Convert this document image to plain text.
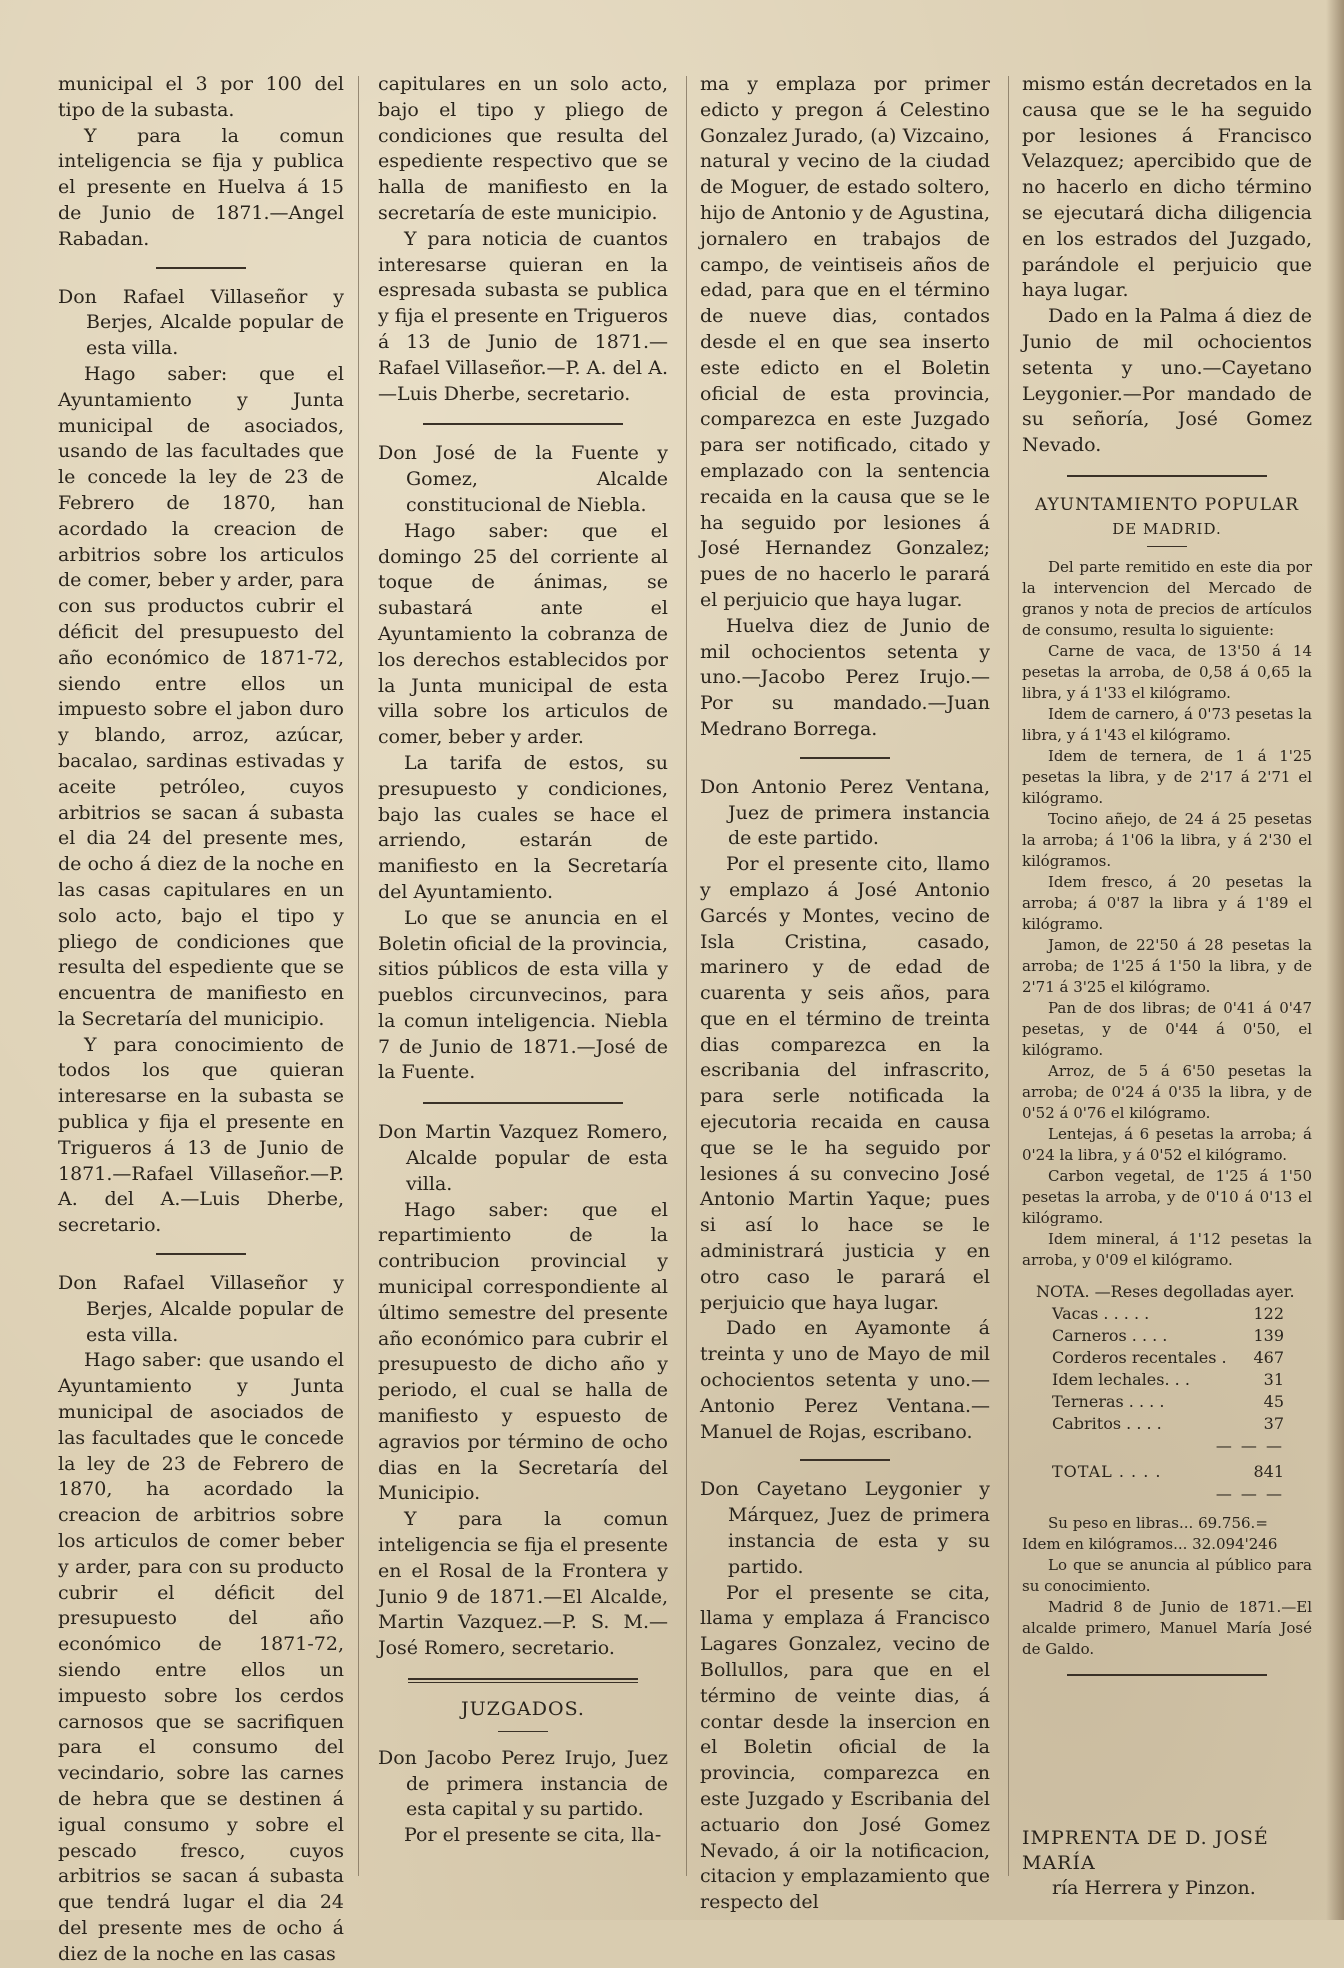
municipal el 3 por 100 del tipo de la subasta.

Y para la comun inteligencia se fija y publica el presente en Huelva á 15 de Junio de 1871.—Angel Rabadan.

Don Rafael Villaseñor y Berjes, Alcalde popular de esta villa.

Hago saber: que el Ayuntamiento y Junta municipal de asociados, usando de las facultades que le concede la ley de 23 de Febrero de 1870, han acordado la creacion de arbitrios sobre los articulos de comer, beber y arder, para con sus productos cubrir el déficit del presupuesto del año económico de 1871-72, siendo entre ellos un impuesto sobre el jabon duro y blando, arroz, azúcar, bacalao, sardinas estivadas y aceite petróleo, cuyos arbitrios se sacan á subasta el dia 24 del presente mes, de ocho á diez de la noche en las casas capitulares en un solo acto, bajo el tipo y pliego de condiciones que resulta del espediente que se encuentra de manifiesto en la Secretaría del municipio.

Y para conocimiento de todos los que quieran interesarse en la subasta se publica y fija el presente en Trigueros á 13 de Junio de 1871.—Rafael Villaseñor.—P. A. del A.—Luis Dherbe, secretario.

Don Rafael Villaseñor y Berjes, Alcalde popular de esta villa.

Hago saber: que usando el Ayuntamiento y Junta municipal de asociados de las facultades que le concede la ley de 23 de Febrero de 1870, ha acordado la creacion de arbitrios sobre los articulos de comer beber y arder, para con su producto cubrir el déficit del presupuesto del año económico de 1871-72, siendo entre ellos un impuesto sobre los cerdos carnosos que se sacrifiquen para el consumo del vecindario, sobre las carnes de hebra que se destinen á igual consumo y sobre el pescado fresco, cuyos arbitrios se sacan á subasta que tendrá lugar el dia 24 del presente mes de ocho á diez de la noche en las casas

capitulares en un solo acto, bajo el tipo y pliego de condiciones que resulta del espediente respectivo que se halla de manifiesto en la secretaría de este municipio.

Y para noticia de cuantos interesarse quieran en la espresada subasta se publica y fija el presente en Trigueros á 13 de Junio de 1871.—Rafael Villaseñor.—P. A. del A.—Luis Dherbe, secretario.

Don José de la Fuente y Gomez, Alcalde constitucional de Niebla.

Hago saber: que el domingo 25 del corriente al toque de ánimas, se subastará ante el Ayuntamiento la cobranza de los derechos establecidos por la Junta municipal de esta villa sobre los articulos de comer, beber y arder.

La tarifa de estos, su presupuesto y condiciones, bajo las cuales se hace el arriendo, estarán de manifiesto en la Secretaría del Ayuntamiento.

Lo que se anuncia en el Boletin oficial de la provincia, sitios públicos de esta villa y pueblos circunvecinos, para la comun inteligencia. Niebla 7 de Junio de 1871.—José de la Fuente.

Don Martin Vazquez Romero, Alcalde popular de esta villa.

Hago saber: que el repartimiento de la contribucion provincial y municipal correspondiente al último semestre del presente año económico para cubrir el presupuesto de dicho año y periodo, el cual se halla de manifiesto y espuesto de agravios por término de ocho dias en la Secretaría del Municipio.

Y para la comun inteligencia se fija el presente en el Rosal de la Frontera y Junio 9 de 1871.—El Alcalde, Martin Vazquez.—P. S. M.—José Romero, secretario.

JUZGADOS.

Don Jacobo Perez Irujo, Juez de primera instancia de esta capital y su partido.

Por el presente se cita, lla-

ma y emplaza por primer edicto y pregon á Celestino Gonzalez Jurado, (a) Vizcaino, natural y vecino de la ciudad de Moguer, de estado soltero, hijo de Antonio y de Agustina, jornalero en trabajos de campo, de veintiseis años de edad, para que en el término de nueve dias, contados desde el en que sea inserto este edicto en el Boletin oficial de esta provincia, comparezca en este Juzgado para ser notificado, citado y emplazado con la sentencia recaida en la causa que se le ha seguido por lesiones á José Hernandez Gonzalez; pues de no hacerlo le parará el perjuicio que haya lugar.

Huelva diez de Junio de mil ochocientos setenta y uno.—Jacobo Perez Irujo.—Por su mandado.—Juan Medrano Borrega.

Don Antonio Perez Ventana, Juez de primera instancia de este partido.

Por el presente cito, llamo y emplazo á José Antonio Garcés y Montes, vecino de Isla Cristina, casado, marinero y de edad de cuarenta y seis años, para que en el término de treinta dias comparezca en la escribania del infrascrito, para serle notificada la ejecutoria recaida en causa que se le ha seguido por lesiones á su convecino José Antonio Martin Yaque; pues si así lo hace se le administrará justicia y en otro caso le parará el perjuicio que haya lugar.

Dado en Ayamonte á treinta y uno de Mayo de mil ochocientos setenta y uno.—Antonio Perez Ventana.—Manuel de Rojas, escribano.

Don Cayetano Leygonier y Márquez, Juez de primera instancia de esta y su partido.

Por el presente se cita, llama y emplaza á Francisco Lagares Gonzalez, vecino de Bollullos, para que en el término de veinte dias, á contar desde la insercion en el Boletin oficial de la provincia, comparezca en este Juzgado y Escribania del actuario don José Gomez Nevado, á oir la notificacion, citacion y emplazamiento que respecto del

mismo están decretados en la causa que se le ha seguido por lesiones á Francisco Velazquez; apercibido que de no hacerlo en dicho término se ejecutará dicha diligencia en los estrados del Juzgado, parándole el perjuicio que haya lugar.

Dado en la Palma á diez de Junio de mil ochocientos setenta y uno.—Cayetano Leygonier.—Por mandado de su señoría, José Gomez Nevado.

AYUNTAMIENTO POPULAR

DE MADRID.

Del parte remitido en este dia por la intervencion del Mercado de granos y nota de precios de artículos de consumo, resulta lo siguiente:

Carne de vaca, de 13'50 á 14 pesetas la arroba, de 0,58 á 0,65 la libra, y á 1'33 el kilógramo.

Idem de carnero, á 0'73 pesetas la libra, y á 1'43 el kilógramo.

Idem de ternera, de 1 á 1'25 pesetas la libra, y de 2'17 á 2'71 el kilógramo.

Tocino añejo, de 24 á 25 pesetas la arroba; á 1'06 la libra, y á 2'30 el kilógramos.

Idem fresco, á 20 pesetas la arroba; á 0'87 la libra y á 1'89 el kilógramo.

Jamon, de 22'50 á 28 pesetas la arroba; de 1'25 á 1'50 la libra, y de 2'71 á 3'25 el kilógramo.

Pan de dos libras; de 0'41 á 0'47 pesetas, y de 0'44 á 0'50, el kilógramo.

Arroz, de 5 á 6'50 pesetas la arroba; de 0'24 á 0'35 la libra, y de 0'52 á 0'76 el kilógramo.

Lentejas, á 6 pesetas la arroba; á 0'24 la libra, y á 0'52 el kilógramo.

Carbon vegetal, de 1'25 á 1'50 pesetas la arroba, y de 0'10 á 0'13 el kilógramo.

Idem mineral, á 1'12 pesetas la arroba, y 0'09 el kilógramo.

NOTA. —Reses degolladas ayer.

Vacas . . . . .	122
Carneros . . . .	139
Corderos recentales . 467
Idem lechales. . .	31
Terneras . . . .	45
Cabritos . . . .	37
— — —
TOTAL . . . .	841
— — —

Su peso en libras... 69.756.=

Idem en kilógramos... 32.094'246

Lo que se anuncia al público para su conocimiento.

Madrid 8 de Junio de 1871.—El alcalde primero, Manuel María José de Galdo.

IMPRENTA DE D. JOSÉ MARÍA

ría Herrera y Pinzon.
